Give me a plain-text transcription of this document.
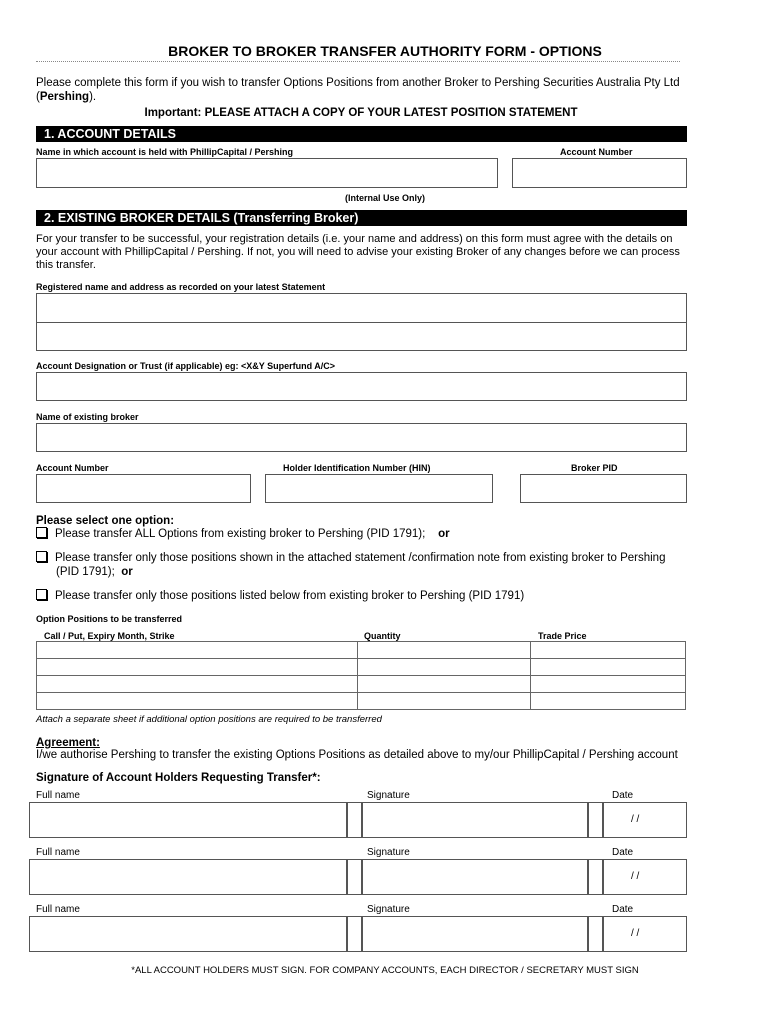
BROKER TO BROKER TRANSFER AUTHORITY FORM - OPTIONS
Please complete this form if you wish to transfer Options Positions from another Broker to Pershing Securities Australia Pty Ltd (Pershing).
Important: PLEASE ATTACH A COPY OF YOUR LATEST POSITION STATEMENT
1. ACCOUNT DETAILS
Name in which account is held with PhillipCapital / Pershing	Account Number
(Internal Use Only)
2. EXISTING BROKER DETAILS (Transferring Broker)
For your transfer to be successful, your registration details (i.e. your name and address) on this form must agree with the details on your account with PhillipCapital / Pershing. If not, you will need to advise your existing Broker of any changes before we can process this transfer.
Registered name and address as recorded on your latest Statement
Account Designation or Trust (if applicable) eg: <X&Y Superfund A/C>
Name of existing broker
Account Number	Holder Identification Number (HIN)	Broker PID
Please select one option:
Please transfer ALL Options from existing broker to Pershing (PID 1791); or
Please transfer only those positions shown in the attached statement /confirmation note from existing broker to Pershing (PID 1791); or
Please transfer only those positions listed below from existing broker to Pershing (PID 1791)
Option Positions to be transferred
Call / Put, Expiry Month, Strike	Quantity	Trade Price

Attach a separate sheet if additional option positions are required to be transferred
Agreement:
I/we authorise Pershing to transfer the existing Options Positions as detailed above to my/our PhillipCapital / Pershing account
Signature of Account Holders Requesting Transfer*:
Full name	Signature	Date
/ /
Full name	Signature	Date
/ /
Full name	Signature	Date
/ /
*ALL ACCOUNT HOLDERS MUST SIGN. FOR COMPANY ACCOUNTS, EACH DIRECTOR / SECRETARY MUST SIGN
